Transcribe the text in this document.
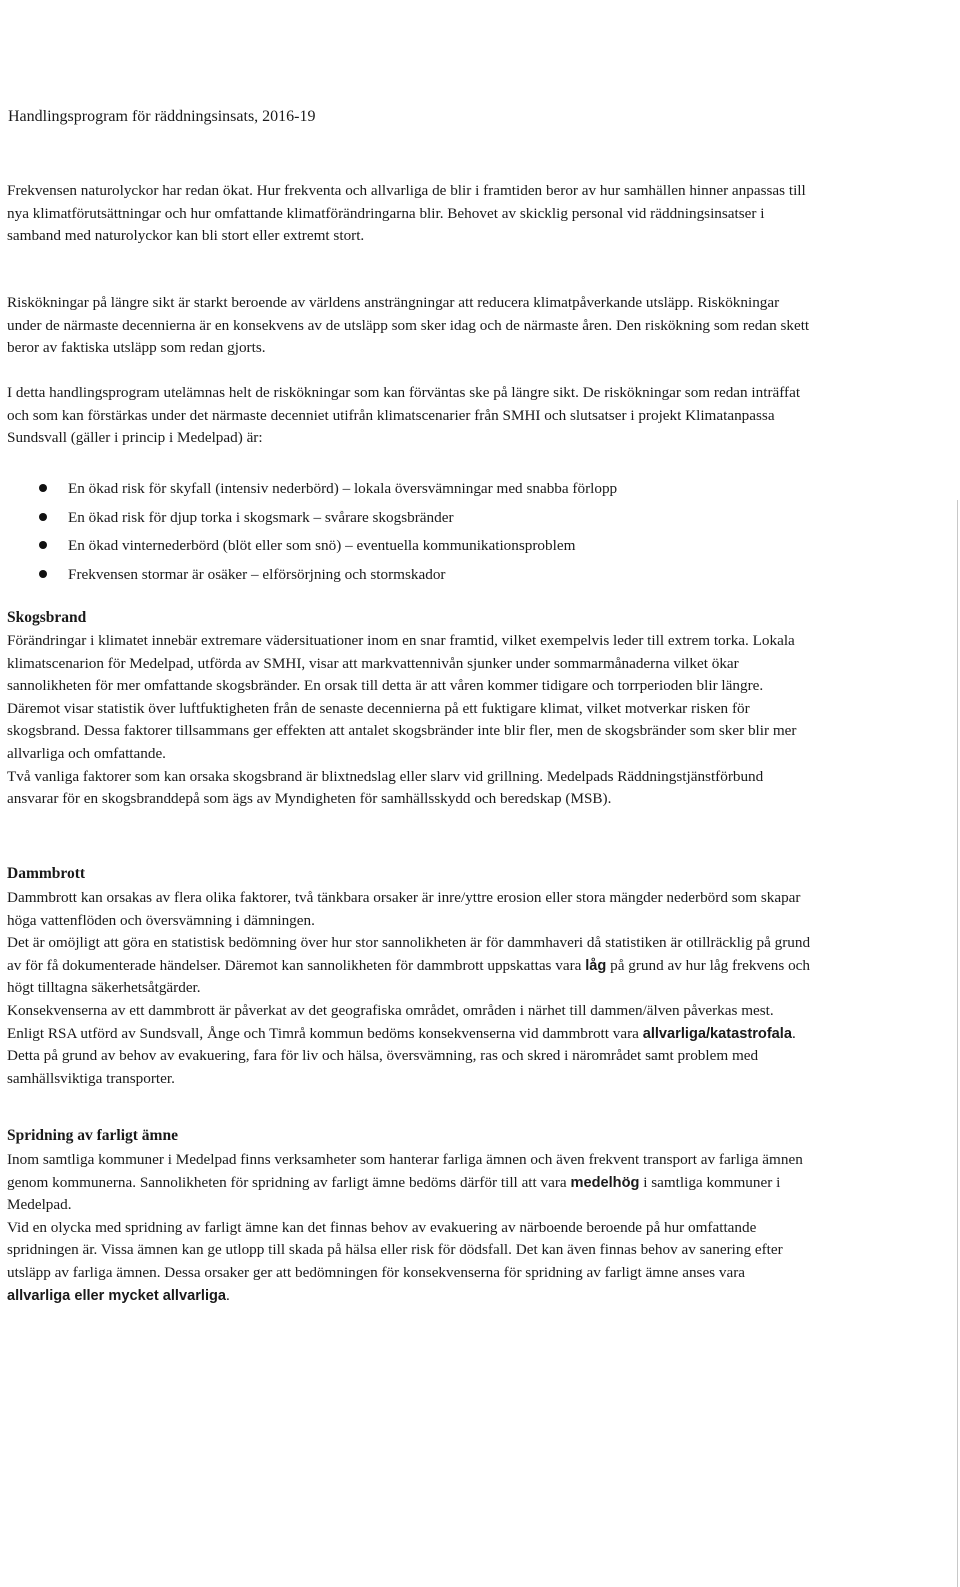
Handlingsprogram för räddningsinsats, 2016-19

Frekvensen naturolyckor har redan ökat. Hur frekventa och allvarliga de blir i framtiden beror av hur samhällen hinner anpassas till nya klimatförutsättningar och hur omfattande klimatförändringarna blir. Behovet av skicklig personal vid räddningsinsatser i samband med naturolyckor kan bli stort eller extremt stort.

Riskökningar på längre sikt är starkt beroende av världens ansträngningar att reducera klimatpåverkande utsläpp. Riskökningar under de närmaste decennierna är en konsekvens av de utsläpp som sker idag och de närmaste åren. Den riskökning som redan skett beror av faktiska utsläpp som redan gjorts.

I detta handlingsprogram utelämnas helt de riskökningar som kan förväntas ske på längre sikt. De riskökningar som redan inträffat och som kan förstärkas under det närmaste decenniet utifrån klimatscenarier från SMHI och slutsatser i projekt Klimatanpassa Sundsvall (gäller i princip i Medelpad) är:

En ökad risk för skyfall (intensiv nederbörd) – lokala översvämningar med snabba förlopp
En ökad risk för djup torka i skogsmark – svårare skogsbränder
En ökad vinternederbörd (blöt eller som snö) – eventuella kommunikationsproblem
Frekvensen stormar är osäker – elförsörjning och stormskador
Skogsbrand

Förändringar i klimatet innebär extremare vädersituationer inom en snar framtid, vilket exempelvis leder till extrem torka. Lokala klimatscenarion för Medelpad, utförda av SMHI, visar att markvattennivån sjunker under sommarmånaderna vilket ökar sannolikheten för mer omfattande skogsbränder. En orsak till detta är att våren kommer tidigare och torrperioden blir längre. Däremot visar statistik över luftfuktigheten från de senaste decennierna på ett fuktigare klimat, vilket motverkar risken för skogsbrand. Dessa faktorer tillsammans ger effekten att antalet skogsbränder inte blir fler, men de skogsbränder som sker blir mer allvarliga och omfattande.

Två vanliga faktorer som kan orsaka skogsbrand är blixtnedslag eller slarv vid grillning. Medelpads Räddningstjänstförbund ansvarar för en skogsbranddepå som ägs av Myndigheten för samhällsskydd och beredskap (MSB).

Dammbrott

Dammbrott kan orsakas av flera olika faktorer, två tänkbara orsaker är inre/yttre erosion eller stora mängder nederbörd som skapar höga vattenflöden och översvämning i dämningen.

Det är omöjligt att göra en statistisk bedömning över hur stor sannolikheten är för dammhaveri då statistiken är otillräcklig på grund av för få dokumenterade händelser. Däremot kan sannolikheten för dammbrott uppskattas vara låg på grund av hur låg frekvens och högt tilltagna säkerhetsåtgärder.

Konsekvenserna av ett dammbrott är påverkat av det geografiska området, områden i närhet till dammen/älven påverkas mest. Enligt RSA utförd av Sundsvall, Ånge och Timrå kommun bedöms konsekvenserna vid dammbrott vara allvarliga/katastrofala. Detta på grund av behov av evakuering, fara för liv och hälsa, översvämning, ras och skred i närområdet samt problem med samhällsviktiga transporter.

Spridning av farligt ämne

Inom samtliga kommuner i Medelpad finns verksamheter som hanterar farliga ämnen och även frekvent transport av farliga ämnen genom kommunerna. Sannolikheten för spridning av farligt ämne bedöms därför till att vara medelhög i samtliga kommuner i Medelpad.

Vid en olycka med spridning av farligt ämne kan det finnas behov av evakuering av närboende beroende på hur omfattande spridningen är. Vissa ämnen kan ge utlopp till skada på hälsa eller risk för dödsfall. Det kan även finnas behov av sanering efter utsläpp av farliga ämnen. Dessa orsaker ger att bedömningen för konsekvenserna för spridning av farligt ämne anses vara allvarliga eller mycket allvarliga.
